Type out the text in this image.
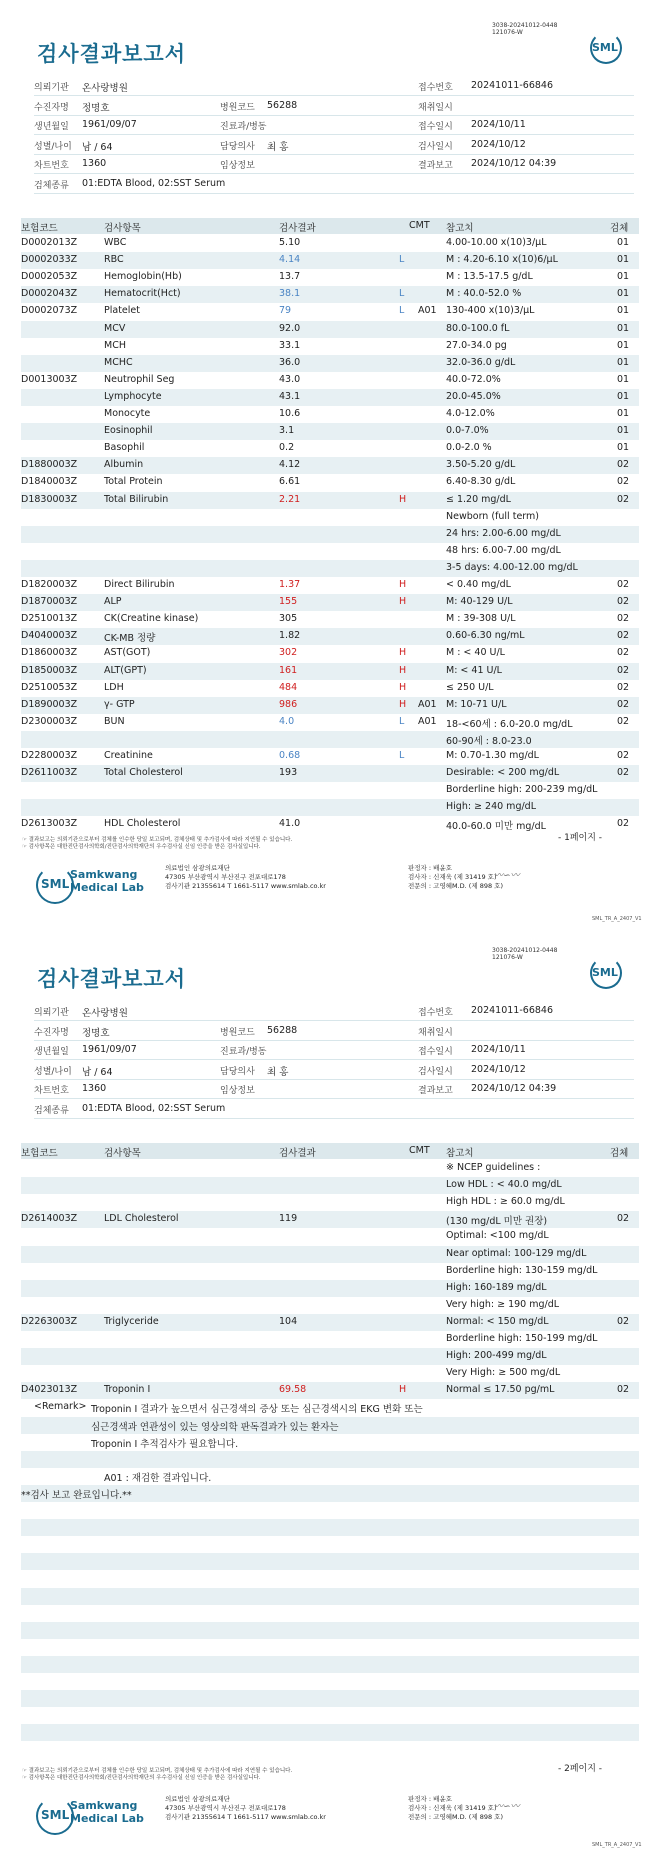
검사결과보고서
3038-20241012-0448
121076-W
SML
의뢰기관 온사랑병원	접수번호 20241011-66846
수진자명 정명호	병원코드 56288	채취일시
생년월일 1961/09/07	진료과/병동	접수일시 2024/10/11
성별/나이 남 / 64	담당의사 최 홍	검사일시 2024/10/12
차트번호 1360	임상정보	결과보고 2024/10/12 04:39
검체종류 01:EDTA Blood, 02:SST Serum
보험코드	검사항목	검사결과	CMT 참고치	검체
D0002013Z	WBC	5.10	4.00-10.00 x(10)3/μL	01
D0002033Z	RBC	4.14	L	M : 4.20-6.10 x(10)6/μL	01
D0002053Z	Hemoglobin(Hb)	13.7	M : 13.5-17.5 g/dL	01
D0002043Z	Hematocrit(Hct)	38.1	L	M : 40.0-52.0 %	01
D0002073Z	Platelet	79	L A01 130-400 x(10)3/μL	01
MCV	92.0	80.0-100.0 fL	01
MCH	33.1	27.0-34.0 pg	01
MCHC	36.0	32.0-36.0 g/dL	01
D0013003Z	Neutrophil Seg	43.0	40.0-72.0%	01
Lymphocyte	43.1	20.0-45.0%	01
Monocyte	10.6	4.0-12.0%	01
Eosinophil	3.1	0.0-7.0%	01
Basophil	0.2	0.0-2.0 %	01
D1880003Z	Albumin	4.12	3.50-5.20 g/dL	02
D1840003Z	Total Protein	6.61	6.40-8.30 g/dL	02
D1830003Z	Total Bilirubin	2.21	H	≤ 1.20 mg/dL	02
Newborn (full term)
24 hrs: 2.00-6.00 mg/dL
48 hrs: 6.00-7.00 mg/dL
3-5 days: 4.00-12.00 mg/dL
D1820003Z	Direct Bilirubin	1.37	H	< 0.40 mg/dL	02
D1870003Z	ALP	155	H	M: 40-129 U/L	02
D2510013Z	CK(Creatine kinase)	305	M : 39-308 U/L	02
D4040003Z	CK-MB 정량	1.82	0.60-6.30 ng/mL	02
D1860003Z	AST(GOT)	302	H	M : < 40 U/L	02
D1850003Z	ALT(GPT)	161	H	M: < 41 U/L	02
D2510053Z	LDH	484	H	≤ 250 U/L	02
D1890003Z	γ- GTP	986	H A01 M: 10-71 U/L	02
D2300003Z	BUN	4.0	L A01 18-<60세 : 6.0-20.0 mg/dL	02
60-90세 : 8.0-23.0
D2280003Z	Creatinine	0.68	L	M: 0.70-1.30 mg/dL	02
D2611003Z	Total Cholesterol	193	Desirable: < 200 mg/dL	02
Borderline high: 200-239 mg/dL
High: ≥ 240 mg/dL
D2613003Z	HDL Cholesterol	41.0	40.0-60.0 미만 mg/dL	02
☞ 결과보고는 의뢰기관으로부터 검체를 인수한 당일 보고되며, 검체상태 및 추가검사에 따라 지연될 수 있습니다.
☞ 검사항목은 대한진단검사의학회/진단검사의학재단의 우수검사실 신임 인증을 받은 검사실입니다.
- 1페이지 -
SML
Samkwang
Medical Lab
의료법인 삼광의료재단
47305 부산광역시 부산진구 전포대로178
검사기관 21355614 T 1661-5117 www.smlab.co.kr
판정자 : 배윤호
검사자 : 신재욱 (제 31419 호)
전문의 : 고영혜M.D. (제 898 호)
〰∽〰
SML_TR_A_2407_V1
검사결과보고서
3038-20241012-0448
121076-W
SML
의뢰기관 온사랑병원	접수번호 20241011-66846
수진자명 정명호	병원코드 56288	채취일시
생년월일 1961/09/07	진료과/병동	접수일시 2024/10/11
성별/나이 남 / 64	담당의사 최 홍	검사일시 2024/10/12
차트번호 1360	임상정보	결과보고 2024/10/12 04:39
검체종류 01:EDTA Blood, 02:SST Serum
보험코드	검사항목	검사결과	CMT 참고치	검체
※ NCEP guidelines :
Low HDL : < 40.0 mg/dL
High HDL : ≥ 60.0 mg/dL
D2614003Z	LDL Cholesterol	119	(130 mg/dL 미만 권장)	02
Optimal: <100 mg/dL
Near optimal: 100-129 mg/dL
Borderline high: 130-159 mg/dL
High: 160-189 mg/dL
Very high: ≥ 190 mg/dL
D2263003Z	Triglyceride	104	Normal: < 150 mg/dL	02
Borderline high: 150-199 mg/dL
High: 200-499 mg/dL
Very High: ≥ 500 mg/dL
D4023013Z	Troponin I	69.58	H	Normal ≤ 17.50 pg/mL	02
<Remark> Troponin I 결과가 높으면서 심근경색의 증상 또는 심근경색시의 EKG 변화 또는
심근경색과 연관성이 있는 영상의학 판독결과가 있는 환자는
Troponin I 추적검사가 필요합니다.
A01 : 재검한 결과입니다.
**검사 보고 완료입니다.**
☞ 결과보고는 의뢰기관으로부터 검체를 인수한 당일 보고되며, 검체상태 및 추가검사에 따라 지연될 수 있습니다.
☞ 검사항목은 대한진단검사의학회/진단검사의학재단의 우수검사실 신임 인증을 받은 검사실입니다.
- 2페이지 -
SML
Samkwang
Medical Lab
의료법인 삼광의료재단
47305 부산광역시 부산진구 전포대로178
검사기관 21355614 T 1661-5117 www.smlab.co.kr
판정자 : 배윤호
검사자 : 신재욱 (제 31419 호)
전문의 : 고영혜M.D. (제 898 호)
〰∽〰
SML_TR_A_2407_V1
